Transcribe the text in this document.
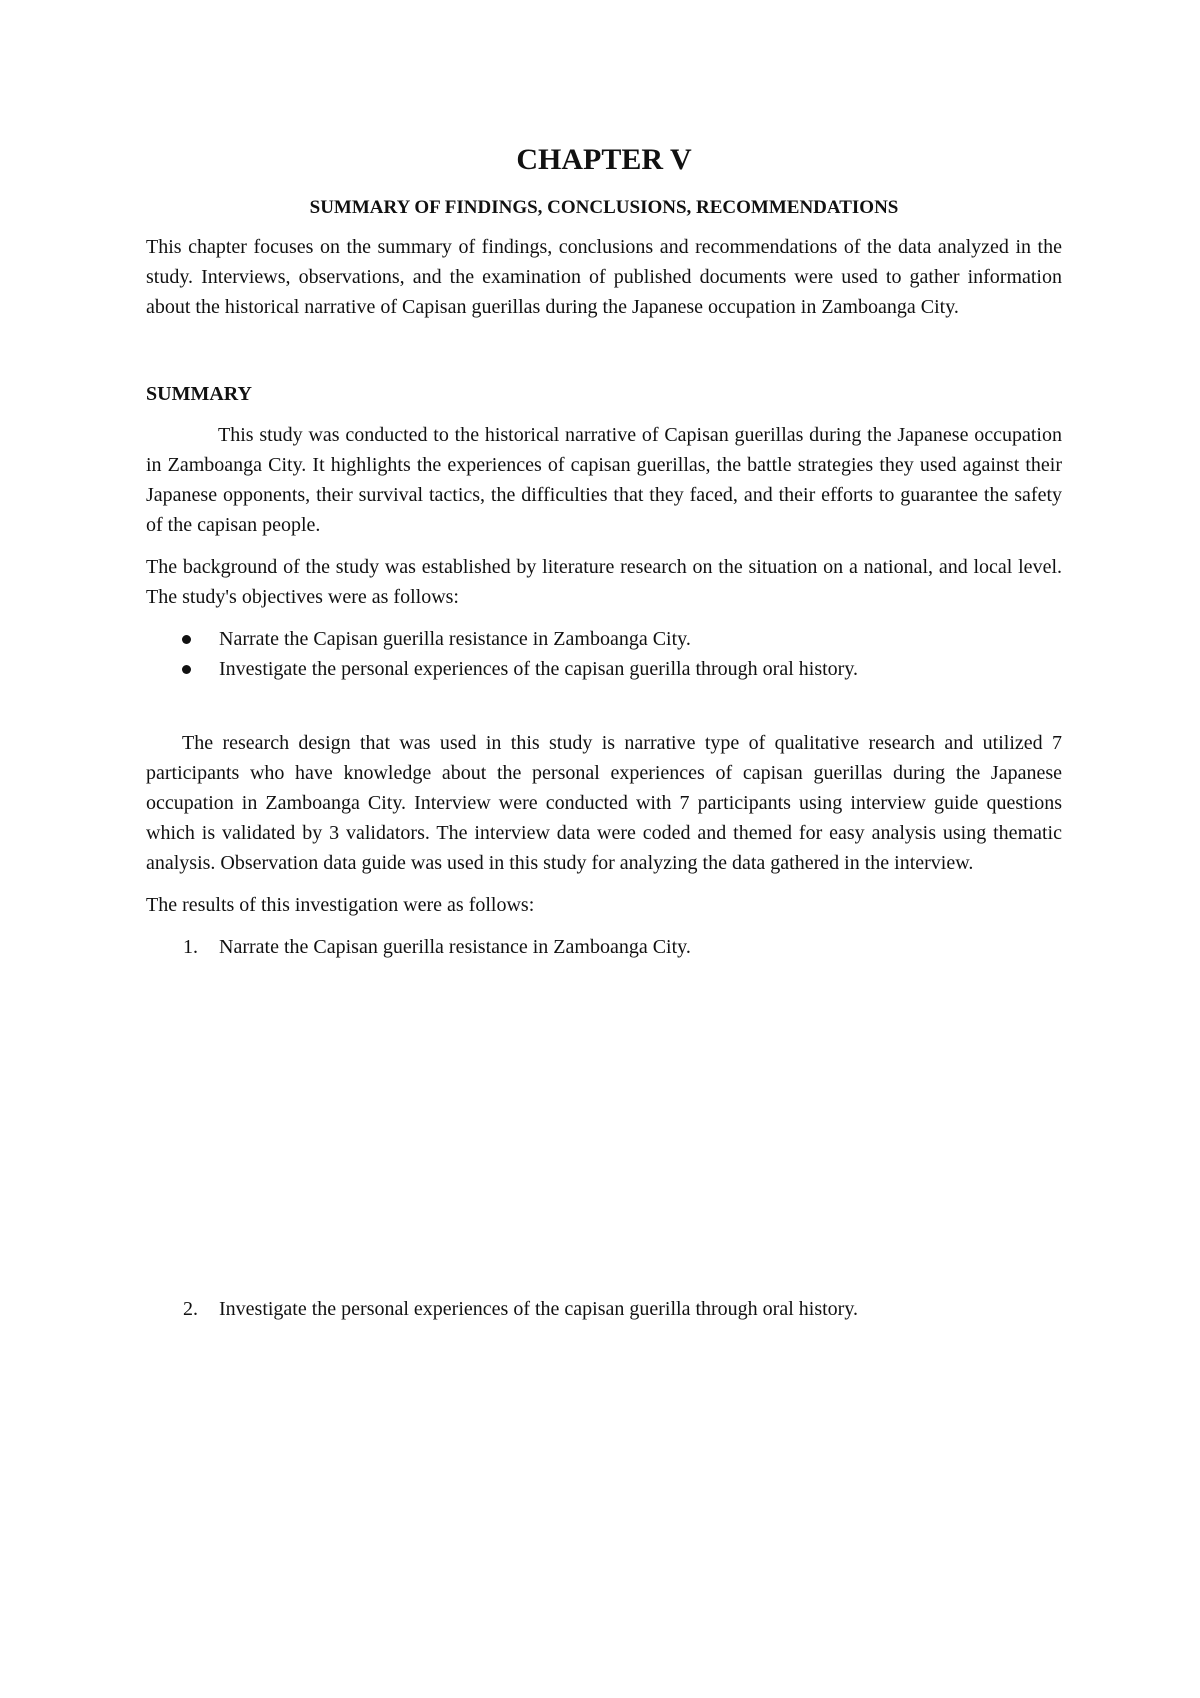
CHAPTER V
SUMMARY OF FINDINGS, CONCLUSIONS, RECOMMENDATIONS

This chapter focuses on the summary of findings, conclusions and recommendations of the data analyzed in the study. Interviews, observations, and the examination of published documents were used to gather information about the historical narrative of Capisan guerillas during the Japanese occupation in Zamboanga City.

SUMMARY

This study was conducted to the historical narrative of Capisan guerillas during the Japanese occupation in Zamboanga City. It highlights the experiences of capisan guerillas, the battle strategies they used against their Japanese opponents, their survival tactics, the difficulties that they faced, and their efforts to guarantee the safety of the capisan people.

The background of the study was established by literature research on the situation on a national, and local level. The study's objectives were as follows:

Narrate the Capisan guerilla resistance in Zamboanga City.
Investigate the personal experiences of the capisan guerilla through oral history.

The research design that was used in this study is narrative type of qualitative research and utilized 7 participants who have knowledge about the personal experiences of capisan guerillas during the Japanese occupation in Zamboanga City. Interview were conducted with 7 participants using interview guide questions which is validated by 3 validators. The interview data were coded and themed for easy analysis using thematic analysis. Observation data guide was used in this study for analyzing the data gathered in the interview.

The results of this investigation were as follows:

1. Narrate the Capisan guerilla resistance in Zamboanga City.
2. Investigate the personal experiences of the capisan guerilla through oral history.
